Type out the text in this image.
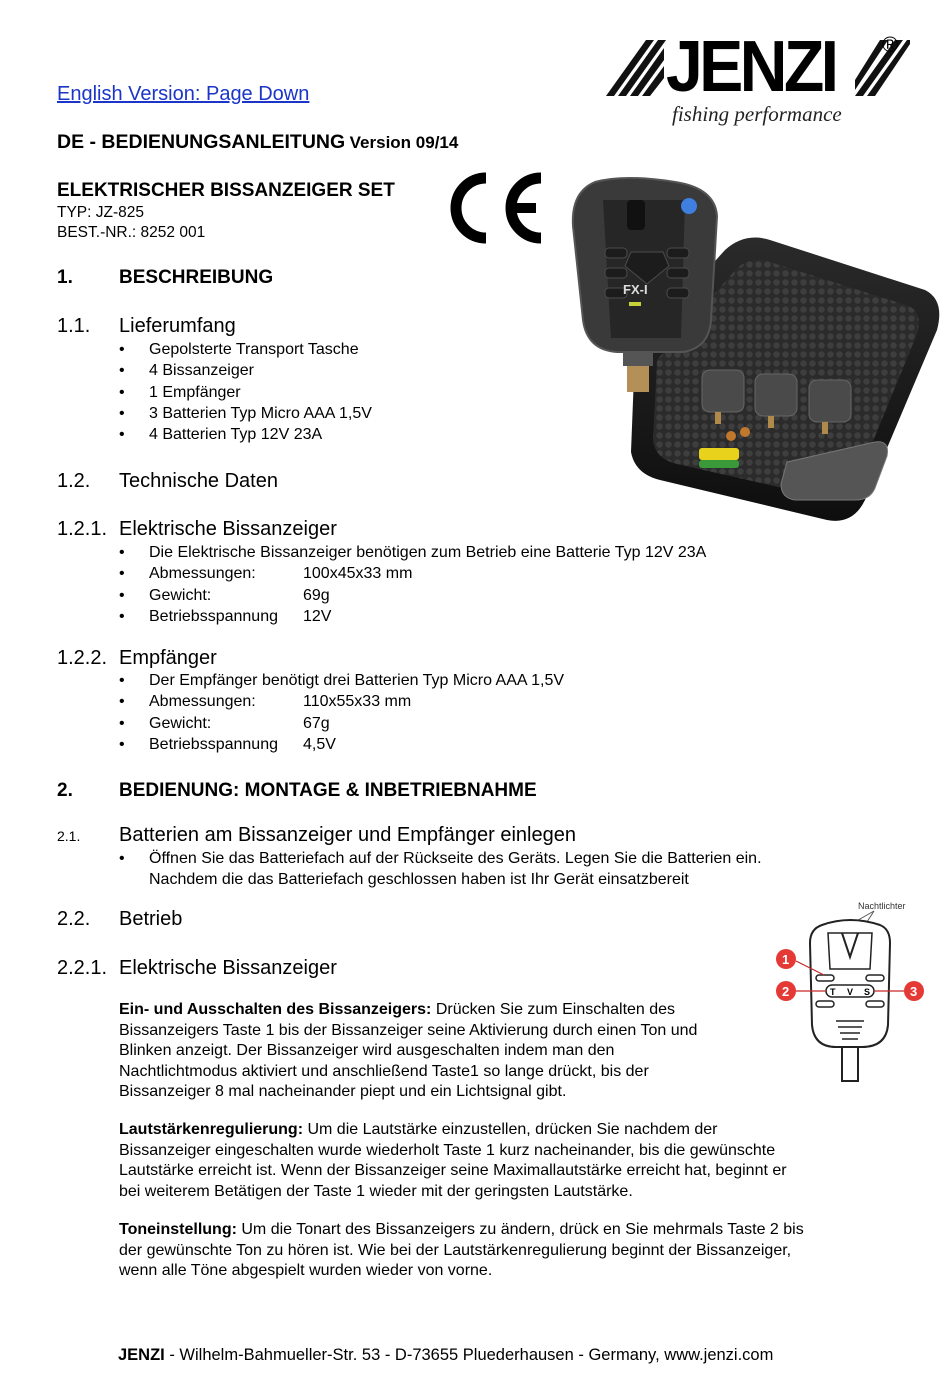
English Version: Page Down
DE - BEDIENUNGSANLEITUNG Version 09/14
JENZI ®
fishing performance
ELEKTRISCHER BISSANZEIGER SET
TYP: JZ-825
BEST.-NR.: 8252 001
FX-I
1. BESCHREIBUNG
1.1. Lieferumfang
• Gepolsterte Transport Tasche
• 4 Bissanzeiger
• 1 Empfänger
• 3 Batterien Typ Micro AAA 1,5V
• 4 Batterien Typ 12V 23A
1.2. Technische Daten
1.2.1. Elektrische Bissanzeiger
• Die Elektrische Bissanzeiger benötigen zum Betrieb eine Batterie Typ 12V 23A
• Abmessungen:	100x45x33 mm
• Gewicht:	69g
• Betriebsspannung 12V
1.2.2. Empfänger
• Der Empfänger benötigt drei Batterien Typ Micro AAA 1,5V
• Abmessungen:	110x55x33 mm
• Gewicht:	67g
• Betriebsspannung 4,5V
2. BEDIENUNG: MONTAGE & INBETRIEBNAHME
2.1. Batterien am Bissanzeiger und Empfänger einlegen
• Öffnen Sie das Batteriefach auf der Rückseite des Geräts. Legen Sie die Batterien ein.
Nachdem die das Batteriefach geschlossen haben ist Ihr Gerät einsatzbereit
2.2. Betrieb
2.2.1. Elektrische Bissanzeiger
Nachtlichter
T V S
1
2	3
Ein- und Ausschalten des Bissanzeigers: Drücken Sie zum Einschalten des
Bissanzeigers Taste 1 bis der Bissanzeiger seine Aktivierung durch einen Ton und
Blinken anzeigt. Der Bissanzeiger wird ausgeschalten indem man den
Nachtlichtmodus aktiviert und anschließend Taste1 so lange drückt, bis der
Bissanzeiger 8 mal nacheinander piept und ein Lichtsignal gibt.
Lautstärkenregulierung: Um die Lautstärke einzustellen, drücken Sie nachdem der
Bissanzeiger eingeschalten wurde wiederholt Taste 1 kurz nacheinander, bis die gewünschte
Lautstärke erreicht ist. Wenn der Bissanzeiger seine Maximallautstärke erreicht hat, beginnt er
bei weiterem Betätigen der Taste 1 wieder mit der geringsten Lautstärke.
Toneinstellung: Um die Tonart des Bissanzeigers zu ändern, drück en Sie mehrmals Taste 2 bis
der gewünschte Ton zu hören ist. Wie bei der Lautstärkenregulierung beginnt der Bissanzeiger,
wenn alle Töne abgespielt wurden wieder von vorne.
JENZI - Wilhelm-Bahmueller-Str. 53 - D-73655 Pluederhausen - Germany, www.jenzi.com
